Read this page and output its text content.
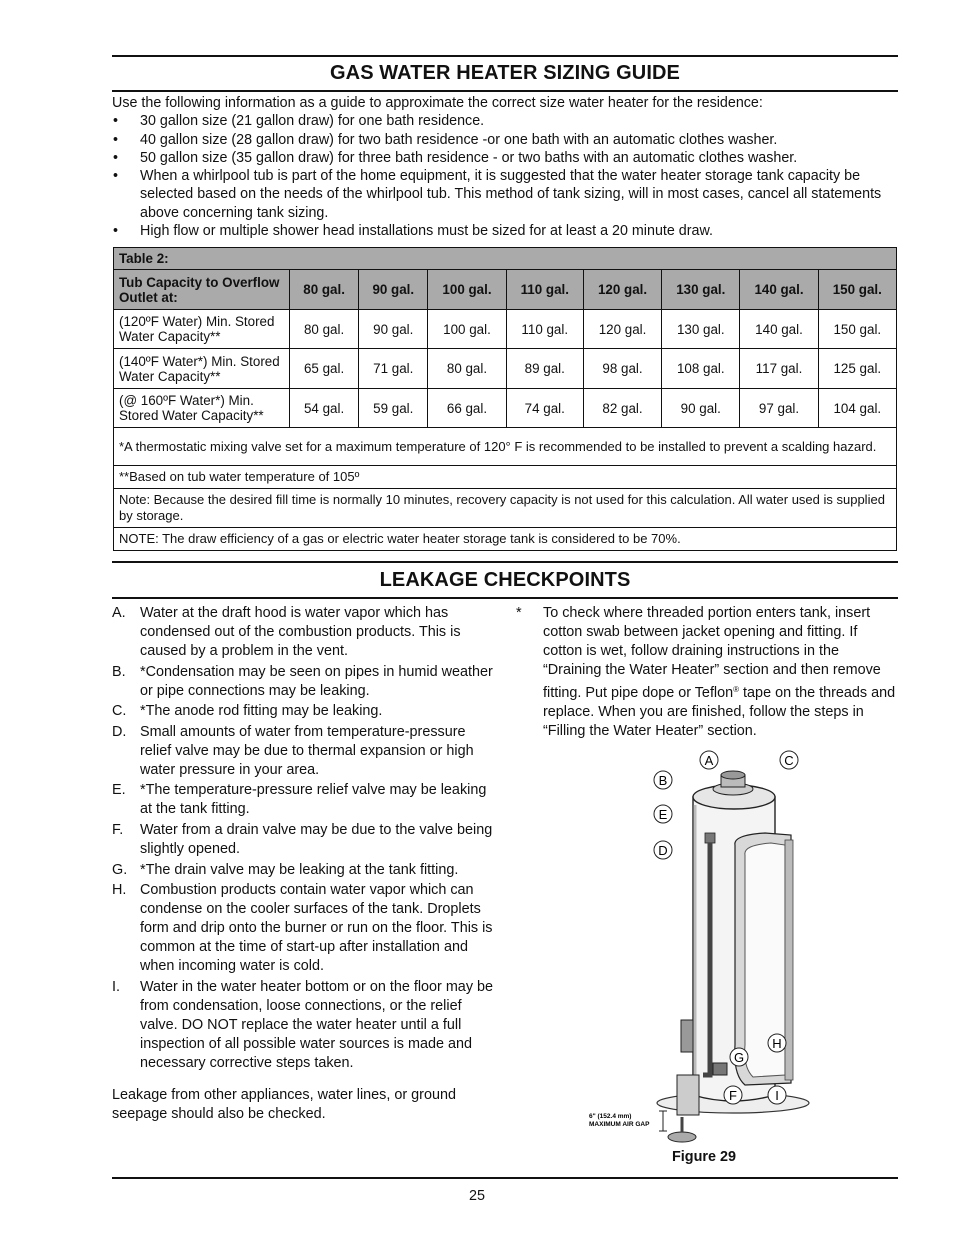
GAS WATER HEATER SIZING GUIDE
Use the following information as a guide to approximate the correct size water heater for the residence:
•	30 gallon size (21 gallon draw) for one bath residence.
•	40 gallon size (28 gallon draw) for two bath residence -or one bath with an automatic clothes washer.
•	50 gallon size (35 gallon draw) for three bath residence - or two baths with an automatic clothes washer.
•	When a whirlpool tub is part of the home equipment, it is suggested that the water heater storage tank capacity be selected based on the needs of the whirlpool tub. This method of tank sizing, will in most cases, cancel all statements above concerning tank sizing.
•	High flow or multiple shower head installations must be sized for at least a 20 minute draw.
Table 2:								
Tub Capacity to Overflow Outlet at:	80 gal.	90 gal.	100 gal.	110 gal.	120 gal.	130 gal.	140 gal.	150 gal.
(120ºF Water) Min. Stored Water Capacity**	80 gal.	90 gal.	100 gal.	110 gal.	120 gal.	130 gal.	140 gal.	150 gal.
(140ºF Water*) Min. Stored Water Capacity**	65 gal.	71 gal.	80 gal.	89 gal.	98 gal.	108 gal.	117 gal.	125 gal.
(@ 160ºF Water*) Min. Stored Water Capacity**	54 gal.	59 gal.	66 gal.	74 gal.	82 gal.	90 gal.	97 gal.	104 gal.
*A thermostatic mixing valve set for a maximum temperature of 120° F is recommended to be installed to prevent a scalding hazard.								
**Based on tub water temperature of 105º								
Note: Because the desired fill time is normally 10 minutes, recovery capacity is not used for this calculation. All water used is supplied by storage.								
NOTE: The draw efficiency of a gas or electric water heater storage tank is considered to be 70%.								
LEAKAGE CHECKPOINTS
A. Water at the draft hood is water vapor which has condensed out of the combustion products. This is caused by a problem in the vent.
B. *Condensation may be seen on pipes in humid weather or pipe connections may be leaking.
C. *The anode rod fitting may be leaking.
D. Small amounts of water from temperature-pressure relief valve may be due to thermal expansion or high water pressure in your area.
E. *The temperature-pressure relief valve may be leaking at the tank fitting.
F.	Water from a drain valve may be due to the valve being slightly opened.
G. *The drain valve may be leaking at the tank fitting.
H. Combustion products contain water vapor which can condense on the cooler surfaces of the tank. Droplets form and drip onto the burner or run on the floor. This is common at the time of start-up after installation and when incoming water is cold.
I.	Water in the water heater bottom or on the floor may be from condensation, loose connections, or the relief valve. DO NOT replace the water heater until a full inspection of all possible water sources is made and necessary corrective steps taken.
Leakage from other appliances, water lines, or ground seepage should also be checked.
*	To check where threaded portion enters tank, insert cotton swab between jacket opening and fitting. If cotton is wet, follow draining instructions in the “Draining the Water Heater” section and then remove fitting. Put pipe dope or Teflon® tape on the threads and replace. When you are finished, follow the steps in “Filling the Water Heater” section.
6" (152.4 mm)
MAXIMUM AIR GAP
A
B
C
D
E
F
G
H
I
Figure 29
25
